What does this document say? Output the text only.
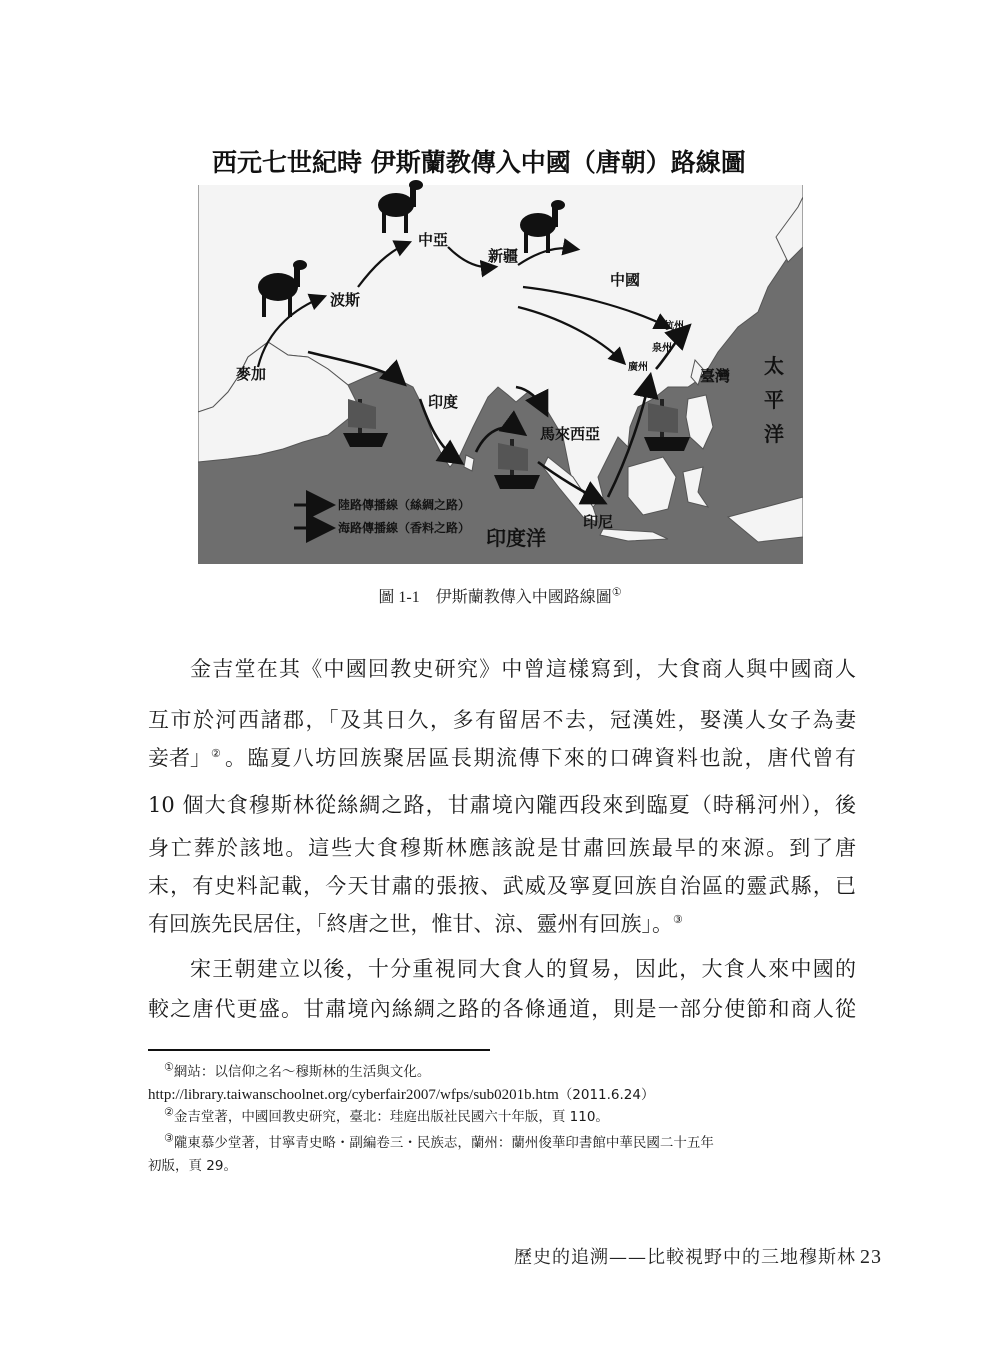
西元七世紀時 伊斯蘭教傳入中國（唐朝）路線圖
中亞
新疆
波斯
中國
麥加
印度
馬來西亞
印尼
杭州
泉州
廣州	臺灣 太
平
洋
印度洋
陸路傳播線（絲綢之路）
海路傳播線（香料之路）
圖 1-1 伊斯蘭教傳入中國路線圖①
金吉堂在其《中國回教史研究》中曾這樣寫到，大食商人與中國商人
互市於河西諸郡，「及其日久，多有留居不去，冠漢姓，娶漢人女子為妻
妾者」② 。臨夏八坊回族聚居區長期流傳下來的口碑資料也說，唐代曾有
10 個大食穆斯林從絲綢之路，甘肅境內隴西段來到臨夏（時稱河州），後
身亡葬於該地。這些大食穆斯林應該說是甘肅回族最早的來源。到了唐
末，有史料記載，今天甘肅的張掖、武威及寧夏回族自治區的靈武縣，已
有回族先民居住，「終唐之世，惟甘、涼、靈州有回族」。③
宋王朝建立以後，十分重視同大食人的貿易，因此，大食人來中國的
較之唐代更盛。甘肅境內絲綢之路的各條通道，則是一部分使節和商人從
①網站：以信仰之名～穆斯林的生活與文化。
http://library.taiwanschoolnet.org/cyberfair2007/wfps/sub0201b.htm（2011.6.24）
②金吉堂著，中國回教史研究，臺北：珪庭出版社民國六十年版，頁 110。
③隴東慕少堂著，甘寧青史略・副編卷三・民族志，蘭州：蘭州俊華印書館中華民國二十五年
初版，頁 29。
歷史的追溯——比較視野中的三地穆斯林 23
